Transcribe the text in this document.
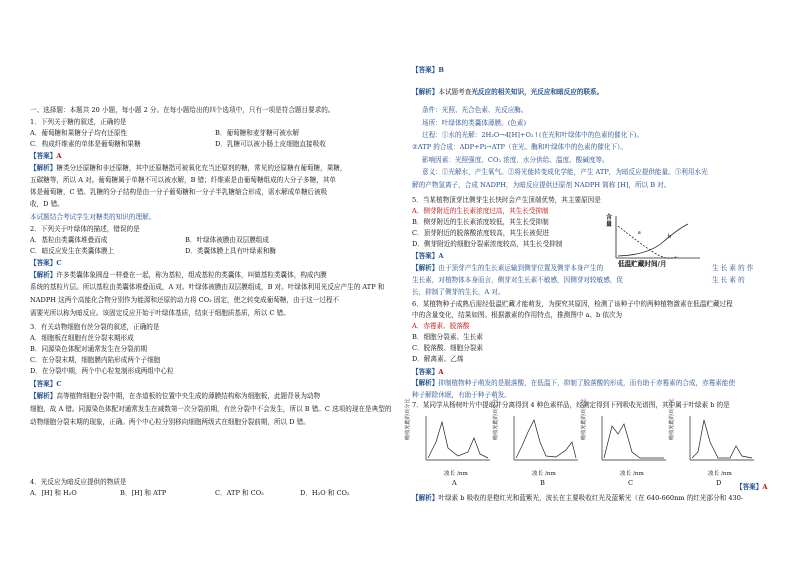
一、选择题：本题共 20 小题，每小题 2 分。在每小题给出的四个选项中，只有一项是符合题目要求的。
1．下列关于糖的叙述，正确的是
A．葡萄糖和果糖分子均有还原性	B．葡萄糖和麦芽糖可被水解
C．构成纤维素的单体是葡萄糖和果糖	D．乳糖可以被小肠上皮细胞直接吸收
【答案】A
【解析】糖类分还原糖和非还原糖，其中还原糖指可被氧化充当还原剂的糖，常见的还原糖有葡萄糖，果糖，
五碳糖等，所以 A 对。葡萄糖属于单糖不可以被水解，B 错；纤维素是由葡萄糖组成的大分子多糖，其单
体是葡萄糖，C 错。乳糖的分子结构是由一分子葡萄糖和一分子半乳糖缩合形成，需水解成单糖后被吸
收，D 错。
本试题结合考试学生对糖类的知识的理解。
2．下列关于叶绿体的描述，错误的是
A．基粒由类囊体堆叠而成	B．叶绿体被膜由双层膜组成
C．暗反应发生在类囊体膜上	D．类囊体膜上具有叶绿素和酶
【答案】C
【解析】许多类囊体象圆盘一样叠在一起，称为基粒，组成基粒的类囊体，叫做基粒类囊体，构成内膜
系统的基粒片层。所以基粒由类囊体堆叠而成，A 对。叶绿体被膜由双层膜组成，B 对。叶绿体利用光反应产生的 ATP 和
NADPH 这两个高能化合物分别作为能源和还原的动力将 CO₂ 固定，使之转变成葡萄糖，由于这一过程不
需要光所以称为暗反应。该固定反应开始于叶绿体基质，结束于细胞质基质，所以 C 错。
3．有关动物细胞有丝分裂的叙述，正确的是
A．细胞板在细胞有丝分裂末期形成
B．同源染色体配对通常发生在分裂前期
C．在分裂末期，细胞膜内陷形成两个子细胞
D．在分裂中期，两个中心粒复制形成两组中心粒
【答案】C
【解析】高等植物细胞分裂中期，在赤道板的位置中央生成的薄膜结构称为细胞板，此题背景为动物
细胞，故 A 错。同源染色体配对通常发生在减数第一次分裂前期，有丝分裂中不会发生，所以 B 错。C 选项的现在是典型的
动物细胞分裂末期的现象，正确。两个中心粒分别移向细胞两级式在细胞分裂前期，所以 D 错。
4．光反应为暗反应提供的物质是
A．[H] 和 H₂O	B．[H] 和 ATP	C．ATP 和 CO₂	D．H₂O 和 CO₂
【答案】B
【解析】本试题考查光反应的相关知识，光反应和暗反应的联系。
条件：光照、光合色素、光反应酶。
场所：叶绿体的类囊体薄膜。(色素)
过程：①水的光解：2H₂O→4[H]+O₂↑(在光和叶绿体中的色素的催化下)。
②ATP 的合成：ADP+Pi→ATP（在光、酶和叶绿体中的色素的催化下）。
影响因素：光照强度、CO₂ 浓度、水分供给、温度、酸碱度等。
意义：①光解水，产生氧气。②将光能转变成化学能，产生 ATP，为暗反应提供能量。③利用水光
解的产物氢离子，合成 NADPH，为暗反应提供还原剂 NADPH 简称 [H]，所以 B 对。
5．当某植物顶芽比侧芽生长快时会产生顶端优势，其主要原因是
A．侧芽附近的生长素浓度过高，其生长受抑制
B．侧芽附近的生长素浓度较低，其生长受抑制
C．顶芽附近的脱落酸浓度较高，其生长被促进
D．侧芽附近的细胞分裂素浓度较高，其生长受抑制
【答案】A
【解析】由于顶芽产生的生长素运输到侧芽位置及侧芽本身产生的
生长素，对植物体本身而言，侧芽对生长素不敏感，因侧芽对较敏感，促
长，抑制了侧芽的生长，A 对。
生 长 素 的 作
生 长 素 的
a
b
含量
低温贮藏时间/月
6．某植物种子成熟后需经低温贮藏才能萌发，为探究其原因，检测了该种子中的两种植物激素在低温贮藏过程
中的含量变化，结果如图。根据激素的作用特点，推测图中 a、b 依次为
A．赤霉素、脱落酸
B．细胞分裂素、生长素
C．脱落酸、细胞分裂素
D．解离素、乙烯
【答案】A
【解析】抑制植物种子萌发的是脱落酸，在低温下，抑制了脱落酸的形成，而有助于赤霉素的合成，赤霉素能使
种子解除休眠，有助于种子萌发。
7．某同学从杨树叶片中提取并分离得到 4 种色素样品，经测定得到下列吸收光谱图，其中属于叶绿素 b 的是
波长 /nm	波长 /nm	波长 /nm	波长 /nm
A	B	C	D 【答案】A
【解析】叶绿素 b 吸收的是橙红光和蓝紫光，波长在主要吸收红光及蓝紫光（在 640-660nm 的红光部分和 430-
吸收光能的百分比	吸收光能的百分比	吸收光能的百分比	吸收光能的百分比
